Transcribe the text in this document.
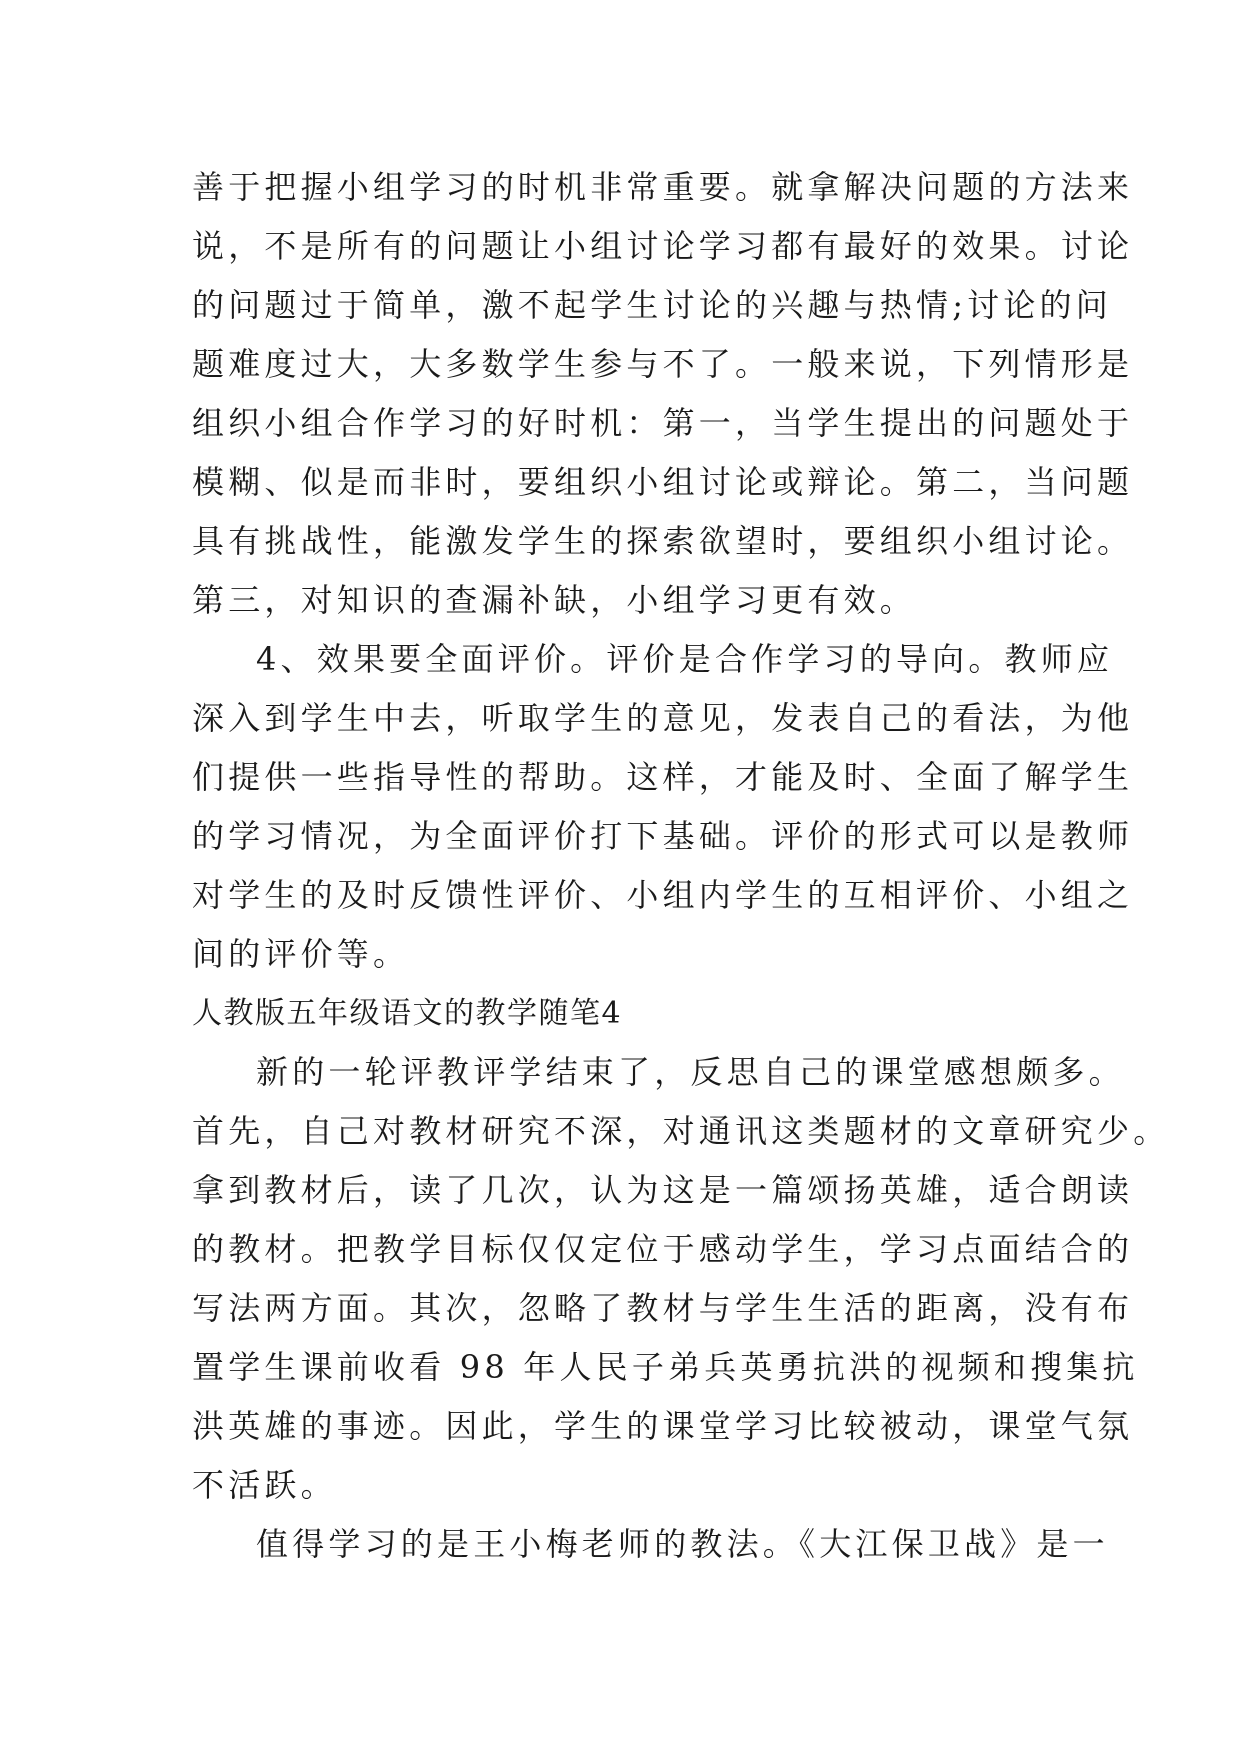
善于把握小组学习的时机非常重要。就拿解决问题的方法来
说，不是所有的问题让小组讨论学习都有最好的效果。讨论
的问题过于简单，激不起学生讨论的兴趣与热情;讨论的问
题难度过大，大多数学生参与不了。一般来说，下列情形是
组织小组合作学习的好时机：第一，当学生提出的问题处于
模糊、似是而非时，要组织小组讨论或辩论。第二，当问题
具有挑战性，能激发学生的探索欲望时，要组织小组讨论。
第三，对知识的查漏补缺，小组学习更有效。
4、效果要全面评价。评价是合作学习的导向。教师应
深入到学生中去，听取学生的意见，发表自己的看法，为他
们提供一些指导性的帮助。这样，才能及时、全面了解学生
的学习情况，为全面评价打下基础。评价的形式可以是教师
对学生的及时反馈性评价、小组内学生的互相评价、小组之
间的评价等。
人教版五年级语文的教学随笔4
新的一轮评教评学结束了，反思自己的课堂感想颇多。
首先，自己对教材研究不深，对通讯这类题材的文章研究少。
拿到教材后，读了几次，认为这是一篇颂扬英雄，适合朗读
的教材。把教学目标仅仅定位于感动学生，学习点面结合的
写法两方面。其次，忽略了教材与学生生活的距离，没有布
置学生课前收看 98 年人民子弟兵英勇抗洪的视频和搜集抗
洪英雄的事迹。因此，学生的课堂学习比较被动，课堂气氛
不活跃。
值得学习的是王小梅老师的教法。《大江保卫战》是一
